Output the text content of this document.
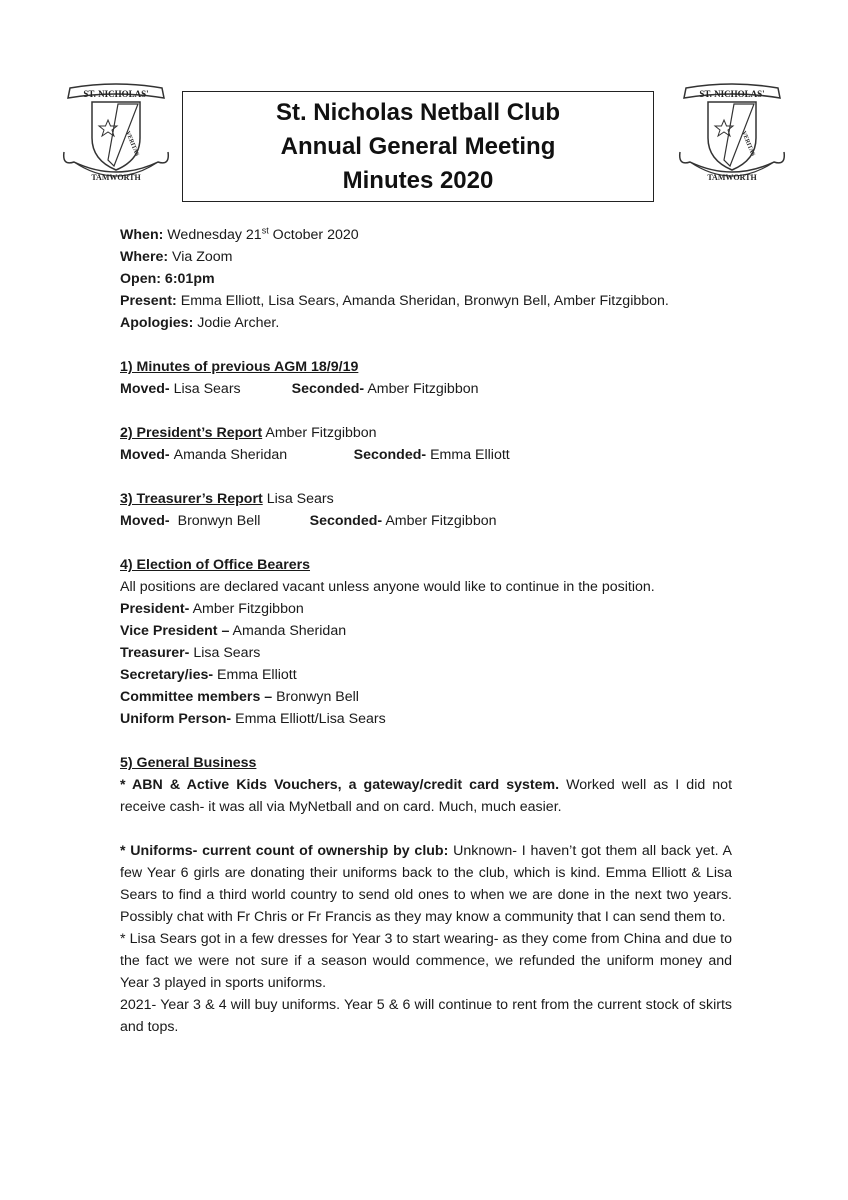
ST. NICHOLAS'
VERITAS
TAMWORTH
St. Nicholas Netball Club
Annual General Meeting
Minutes 2020
ST. NICHOLAS'
VERITAS
TAMWORTH
When: Wednesday 21st October 2020
Where: Via Zoom
Open: 6:01pm
Present: Emma Elliott, Lisa Sears, Amanda Sheridan, Bronwyn Bell, Amber Fitzgibbon.
Apologies: Jodie Archer.
1) Minutes of previous AGM 18/9/19
Moved- Lisa Sears	Seconded- Amber Fitzgibbon
2) President’s Report Amber Fitzgibbon
Moved- Amanda Sheridan	Seconded- Emma Elliott
3) Treasurer’s Report Lisa Sears
Moved- Bronwyn Bell	Seconded- Amber Fitzgibbon
4) Election of Office Bearers
All positions are declared vacant unless anyone would like to continue in the position.
President- Amber Fitzgibbon
Vice President – Amanda Sheridan
Treasurer- Lisa Sears
Secretary/ies- Emma Elliott
Committee members – Bronwyn Bell
Uniform Person- Emma Elliott/Lisa Sears
5) General Business
* ABN & Active Kids Vouchers, a gateway/credit card system. Worked well as I did not receive cash- it was all via MyNetball and on card. Much, much easier.
* Uniforms- current count of ownership by club: Unknown- I haven’t got them all back yet. A few Year 6 girls are donating their uniforms back to the club, which is kind. Emma Elliott & Lisa Sears to find a third world country to send old ones to when we are done in the next two years. Possibly chat with Fr Chris or Fr Francis as they may know a community that I can send them to.
* Lisa Sears got in a few dresses for Year 3 to start wearing- as they come from China and due to the fact we were not sure if a season would commence, we refunded the uniform money and Year 3 played in sports uniforms.
2021- Year 3 & 4 will buy uniforms. Year 5 & 6 will continue to rent from the current stock of skirts and tops.
